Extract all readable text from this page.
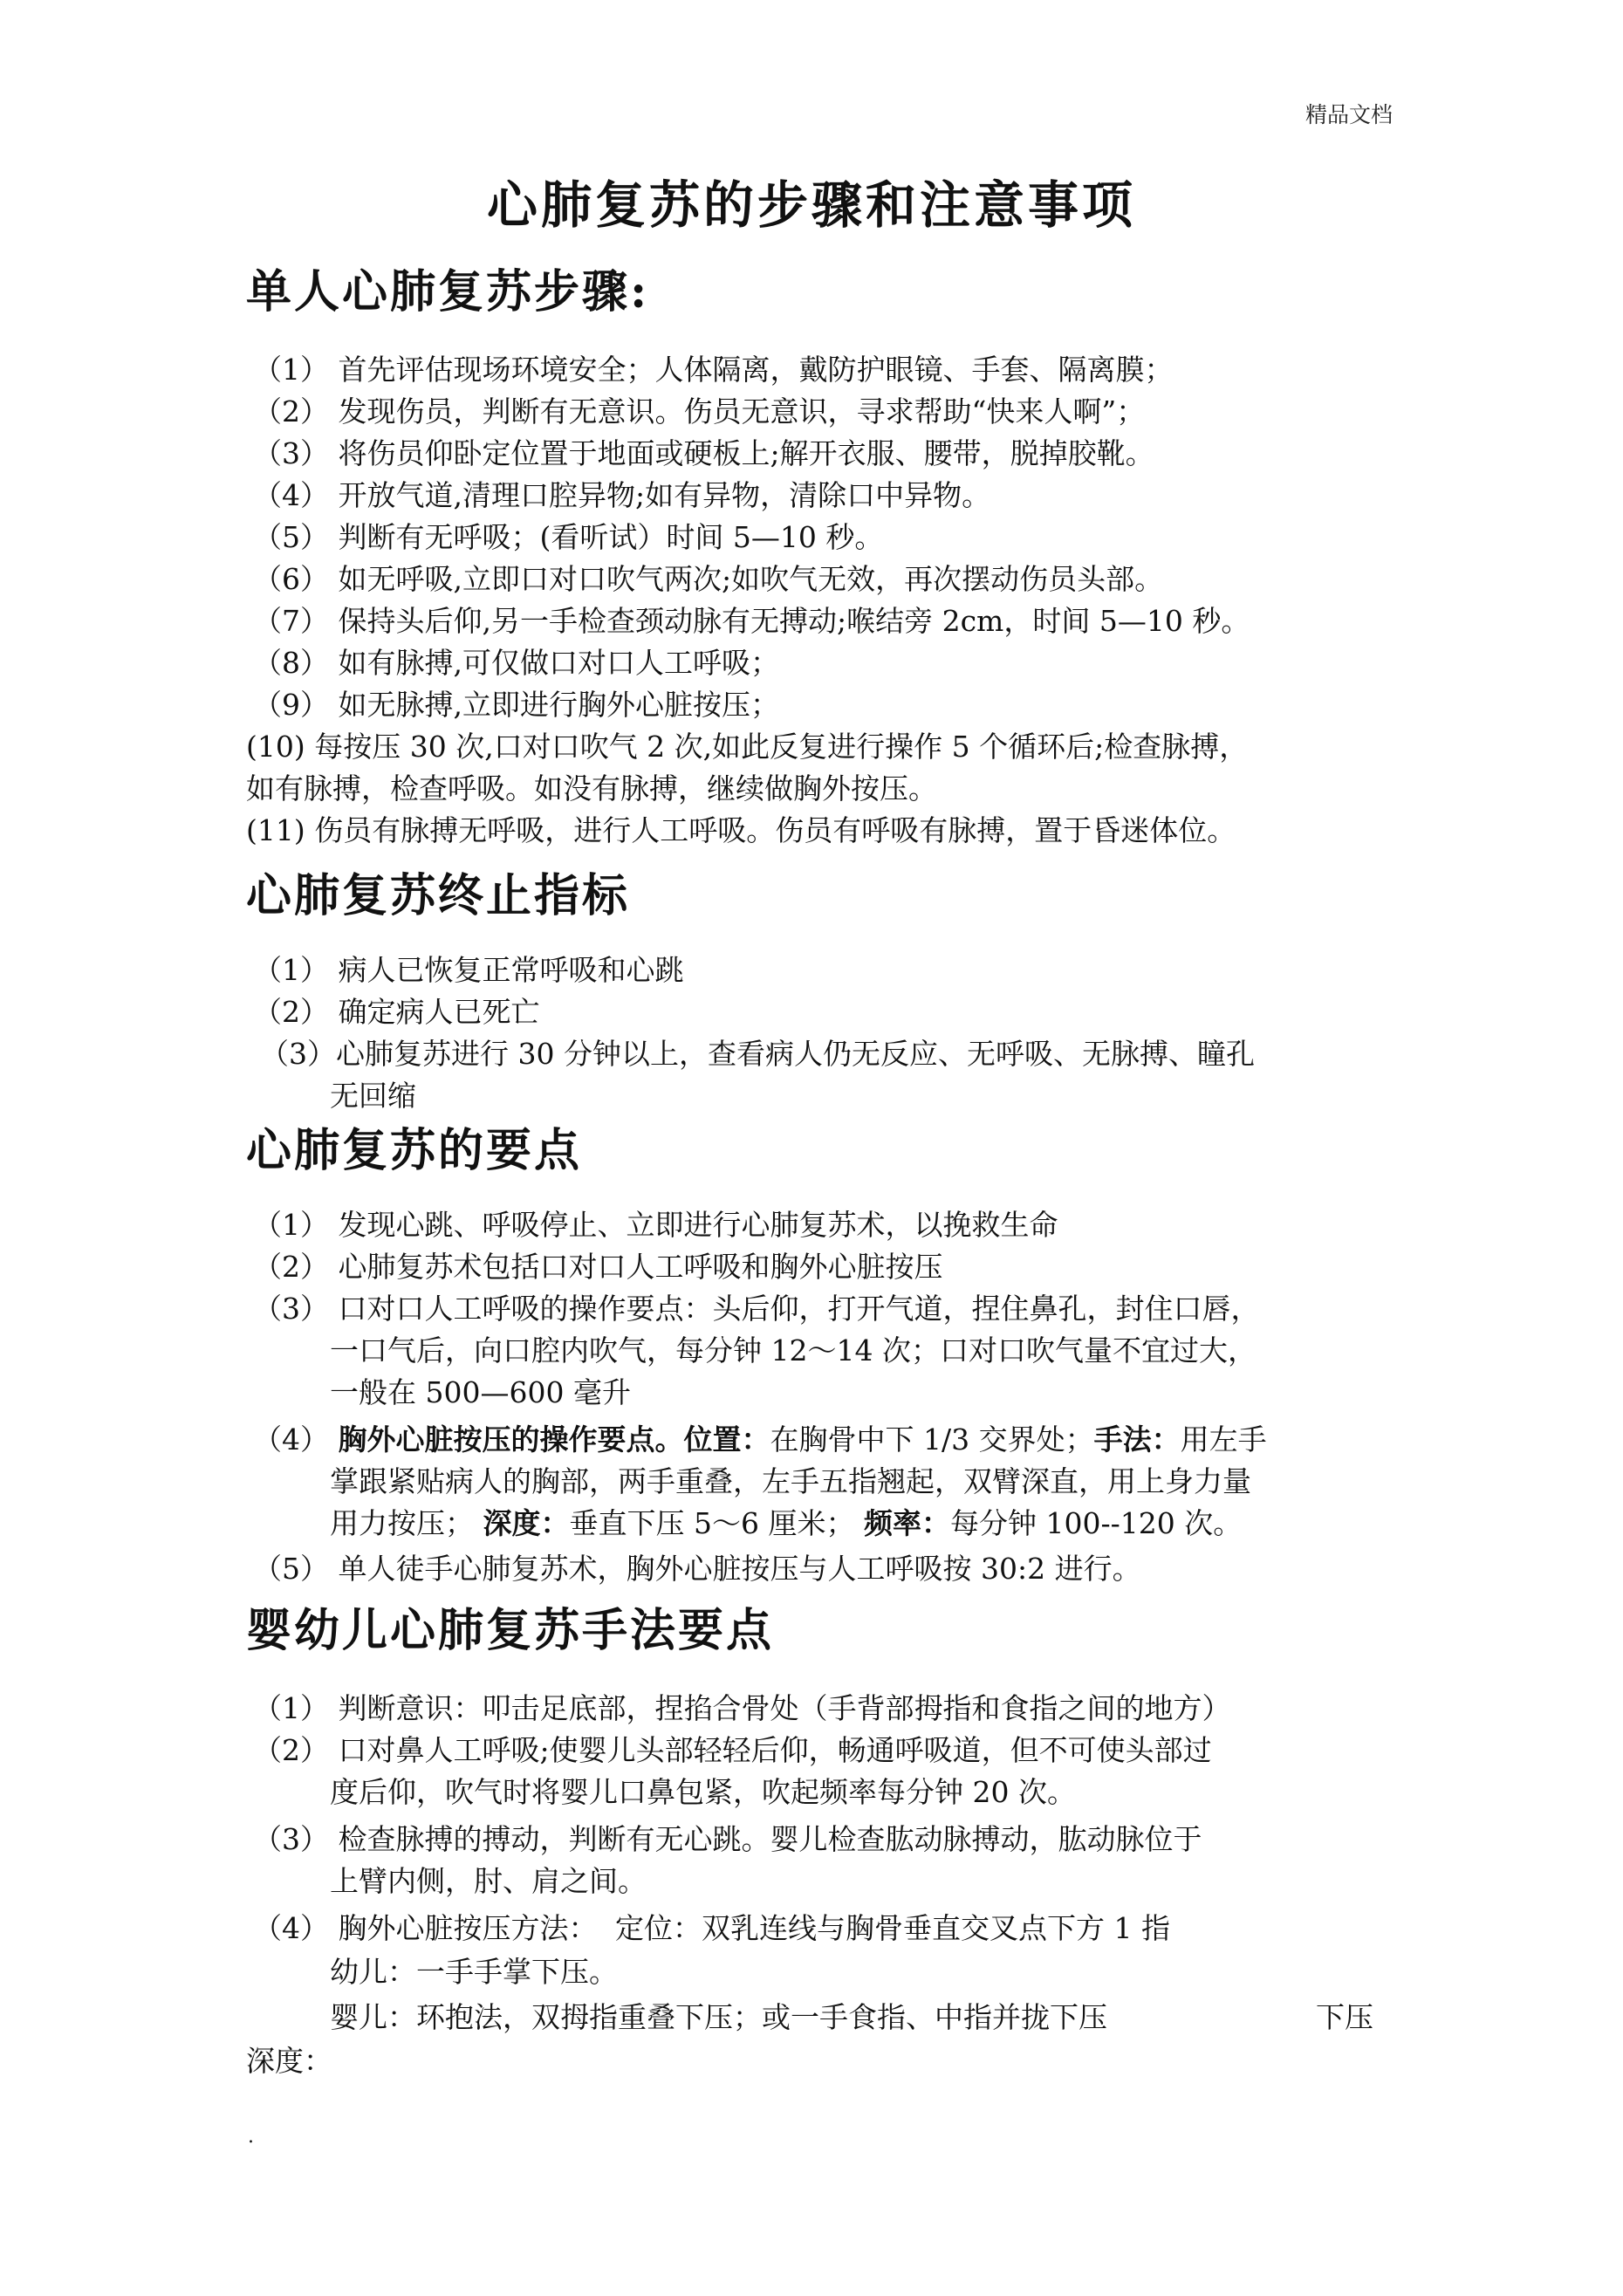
精品文档
心肺复苏的步骤和注意事项
单人心肺复苏步骤:
（1） 首先评估现场环境安全；人体隔离，戴防护眼镜、手套、隔离膜；
（2） 发现伤员，判断有无意识。伤员无意识，寻求帮助“快来人啊”；
（3） 将伤员仰卧定位置于地面或硬板上;解开衣服、腰带，脱掉胶靴。
（4） 开放气道,清理口腔异物;如有异物，清除口中异物。
（5） 判断有无呼吸；(看听试）时间 5—10 秒。
（6） 如无呼吸,立即口对口吹气两次;如吹气无效，再次摆动伤员头部。
（7） 保持头后仰,另一手检查颈动脉有无搏动;喉结旁 2cm，时间 5—10 秒。
（8） 如有脉搏,可仅做口对口人工呼吸；
（9） 如无脉搏,立即进行胸外心脏按压；
(10) 每按压 30 次,口对口吹气 2 次,如此反复进行操作 5 个循环后;检查脉搏，
如有脉搏，检查呼吸。如没有脉搏，继续做胸外按压。
(11) 伤员有脉搏无呼吸，进行人工呼吸。伤员有呼吸有脉搏，置于昏迷体位。
心肺复苏终止指标
（1） 病人已恢复正常呼吸和心跳
（2） 确定病人已死亡
（3）心肺复苏进行 30 分钟以上，查看病人仍无反应、无呼吸、无脉搏、瞳孔
无回缩
心肺复苏的要点
（1） 发现心跳、呼吸停止、立即进行心肺复苏术，以挽救生命
（2） 心肺复苏术包括口对口人工呼吸和胸外心脏按压
（3） 口对口人工呼吸的操作要点：头后仰，打开气道，捏住鼻孔，封住口唇，
一口气后，向口腔内吹气，每分钟 12～14 次；口对口吹气量不宜过大，
一般在 500—600 毫升
（4） 胸外心脏按压的操作要点。位置：在胸骨中下 1/3 交界处；手法：用左手
掌跟紧贴病人的胸部，两手重叠，左手五指翘起，双臂深直，用上身力量
用力按压； 深度：垂直下压 5～6 厘米； 频率：每分钟 100--120 次。
（5） 单人徒手心肺复苏术，胸外心脏按压与人工呼吸按 30:2 进行。
婴幼儿心肺复苏手法要点
（1） 判断意识：叩击足底部，捏掐合骨处（手背部拇指和食指之间的地方）
（2） 口对鼻人工呼吸;使婴儿头部轻轻后仰，畅通呼吸道，但不可使头部过
度后仰，吹气时将婴儿口鼻包紧，吹起频率每分钟 20 次。
（3） 检查脉搏的搏动，判断有无心跳。婴儿检查肱动脉搏动，肱动脉位于
上臂内侧，肘、肩之间。
（4） 胸外心脏按压方法： 定位：双乳连线与胸骨垂直交叉点下方 1 指
幼儿：一手手掌下压。
婴儿：环抱法，双拇指重叠下压；或一手食指、中指并拢下压	下压
深度：
.
